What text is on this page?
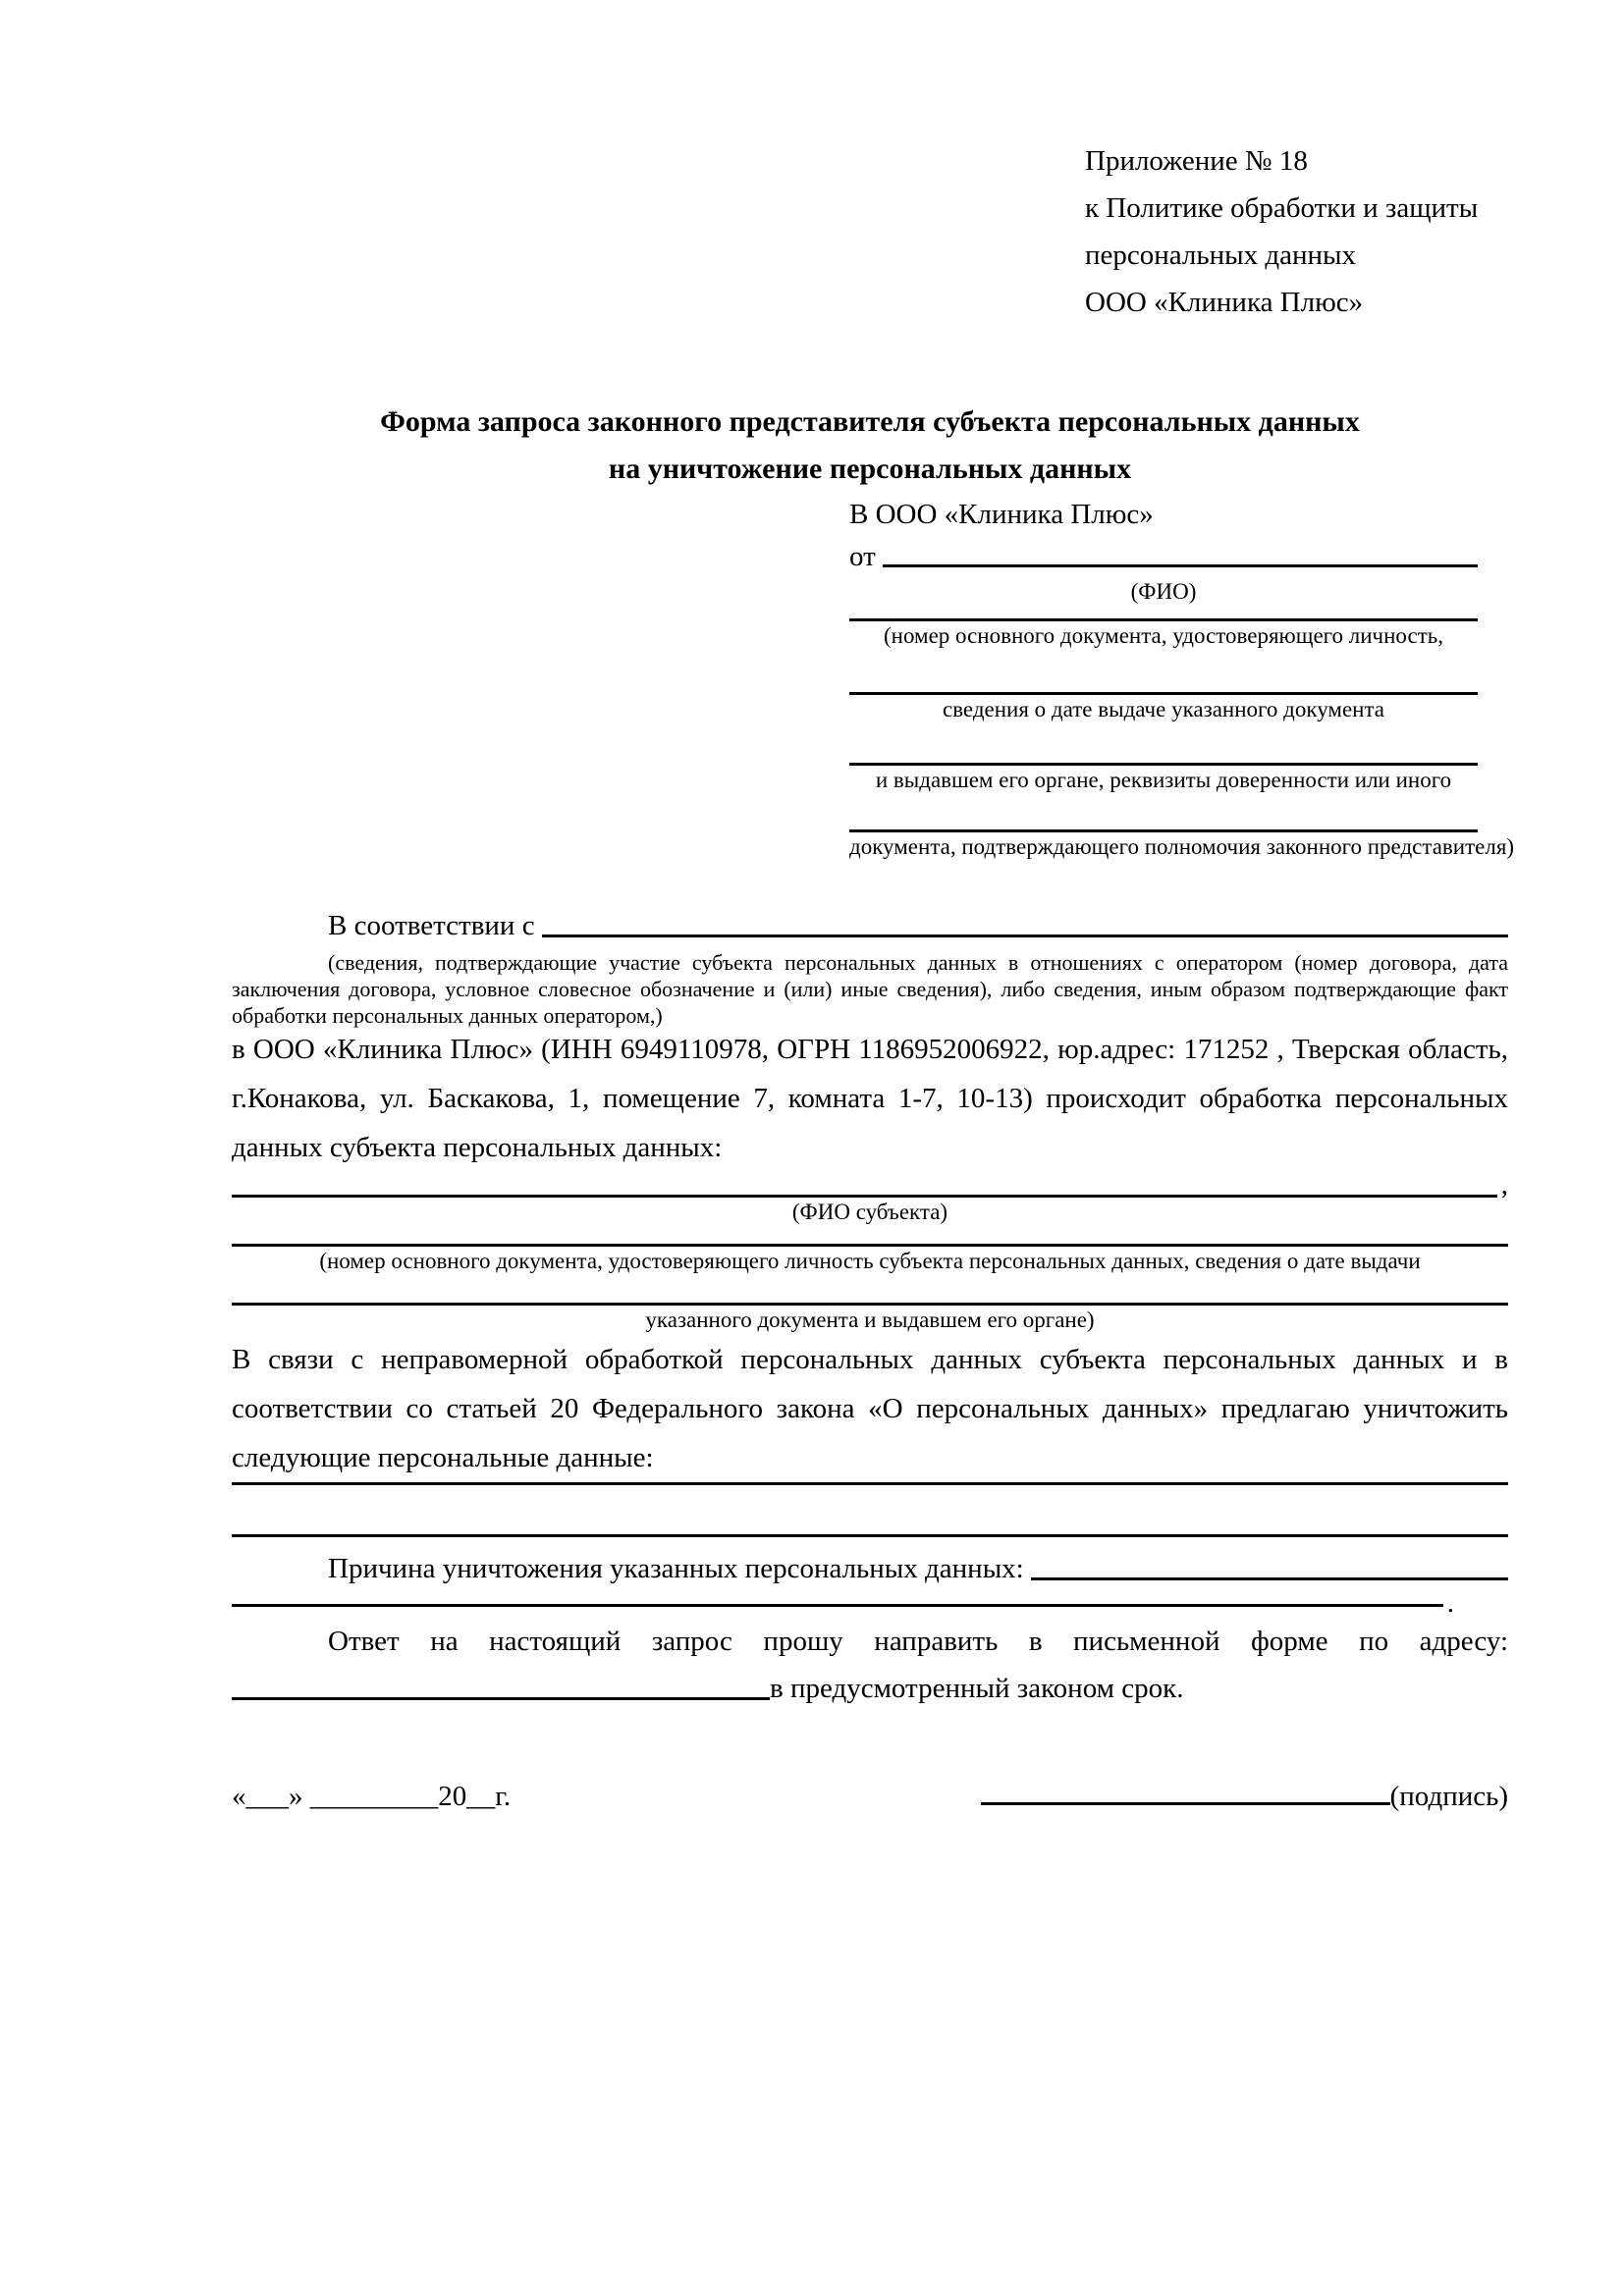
Приложение № 18
к Политике обработки и защиты
персональных данных
ООО «Клиника Плюс»
Форма запроса законного представителя субъекта персональных данных
на уничтожение персональных данных
В ООО «Клиника Плюс»
от
(ФИО)
(номер основного документа, удостоверяющего личность,
сведения о дате выдаче указанного документа
и выдавшем его органе, реквизиты доверенности или иного
документа, подтверждающего полномочия законного представителя)
В соответствии с
(сведения, подтверждающие участие субъекта персональных данных в отношениях с оператором (номер договора, дата заключения договора, условное словесное обозначение и (или) иные сведения), либо сведения, иным образом подтверждающие факт обработки персональных данных оператором,)

в ООО «Клиника Плюс» (ИНН 6949110978, ОГРН 1186952006922, юр.адрес: 171252 , Тверская область, г.Конакова, ул. Баскакова, 1, помещение 7, комната 1-7, 10-13) происходит обработка персональных данных субъекта персональных данных:

,
(ФИО субъекта)
(номер основного документа, удостоверяющего личность субъекта персональных данных, сведения о дате выдачи
указанного документа и выдавшем его органе)

В связи с неправомерной обработкой персональных данных субъекта персональных данных и в соответствии со статьей 20 Федерального закона «О персональных данных» предлагаю уничтожить следующие персональные данные:

Причина уничтожения указанных персональных данных:
.
Ответ на настоящий запрос прошу направить в письменной форме по адресу:
в предусмотренный законом срок.
«___» _________20__г.	(подпись)
